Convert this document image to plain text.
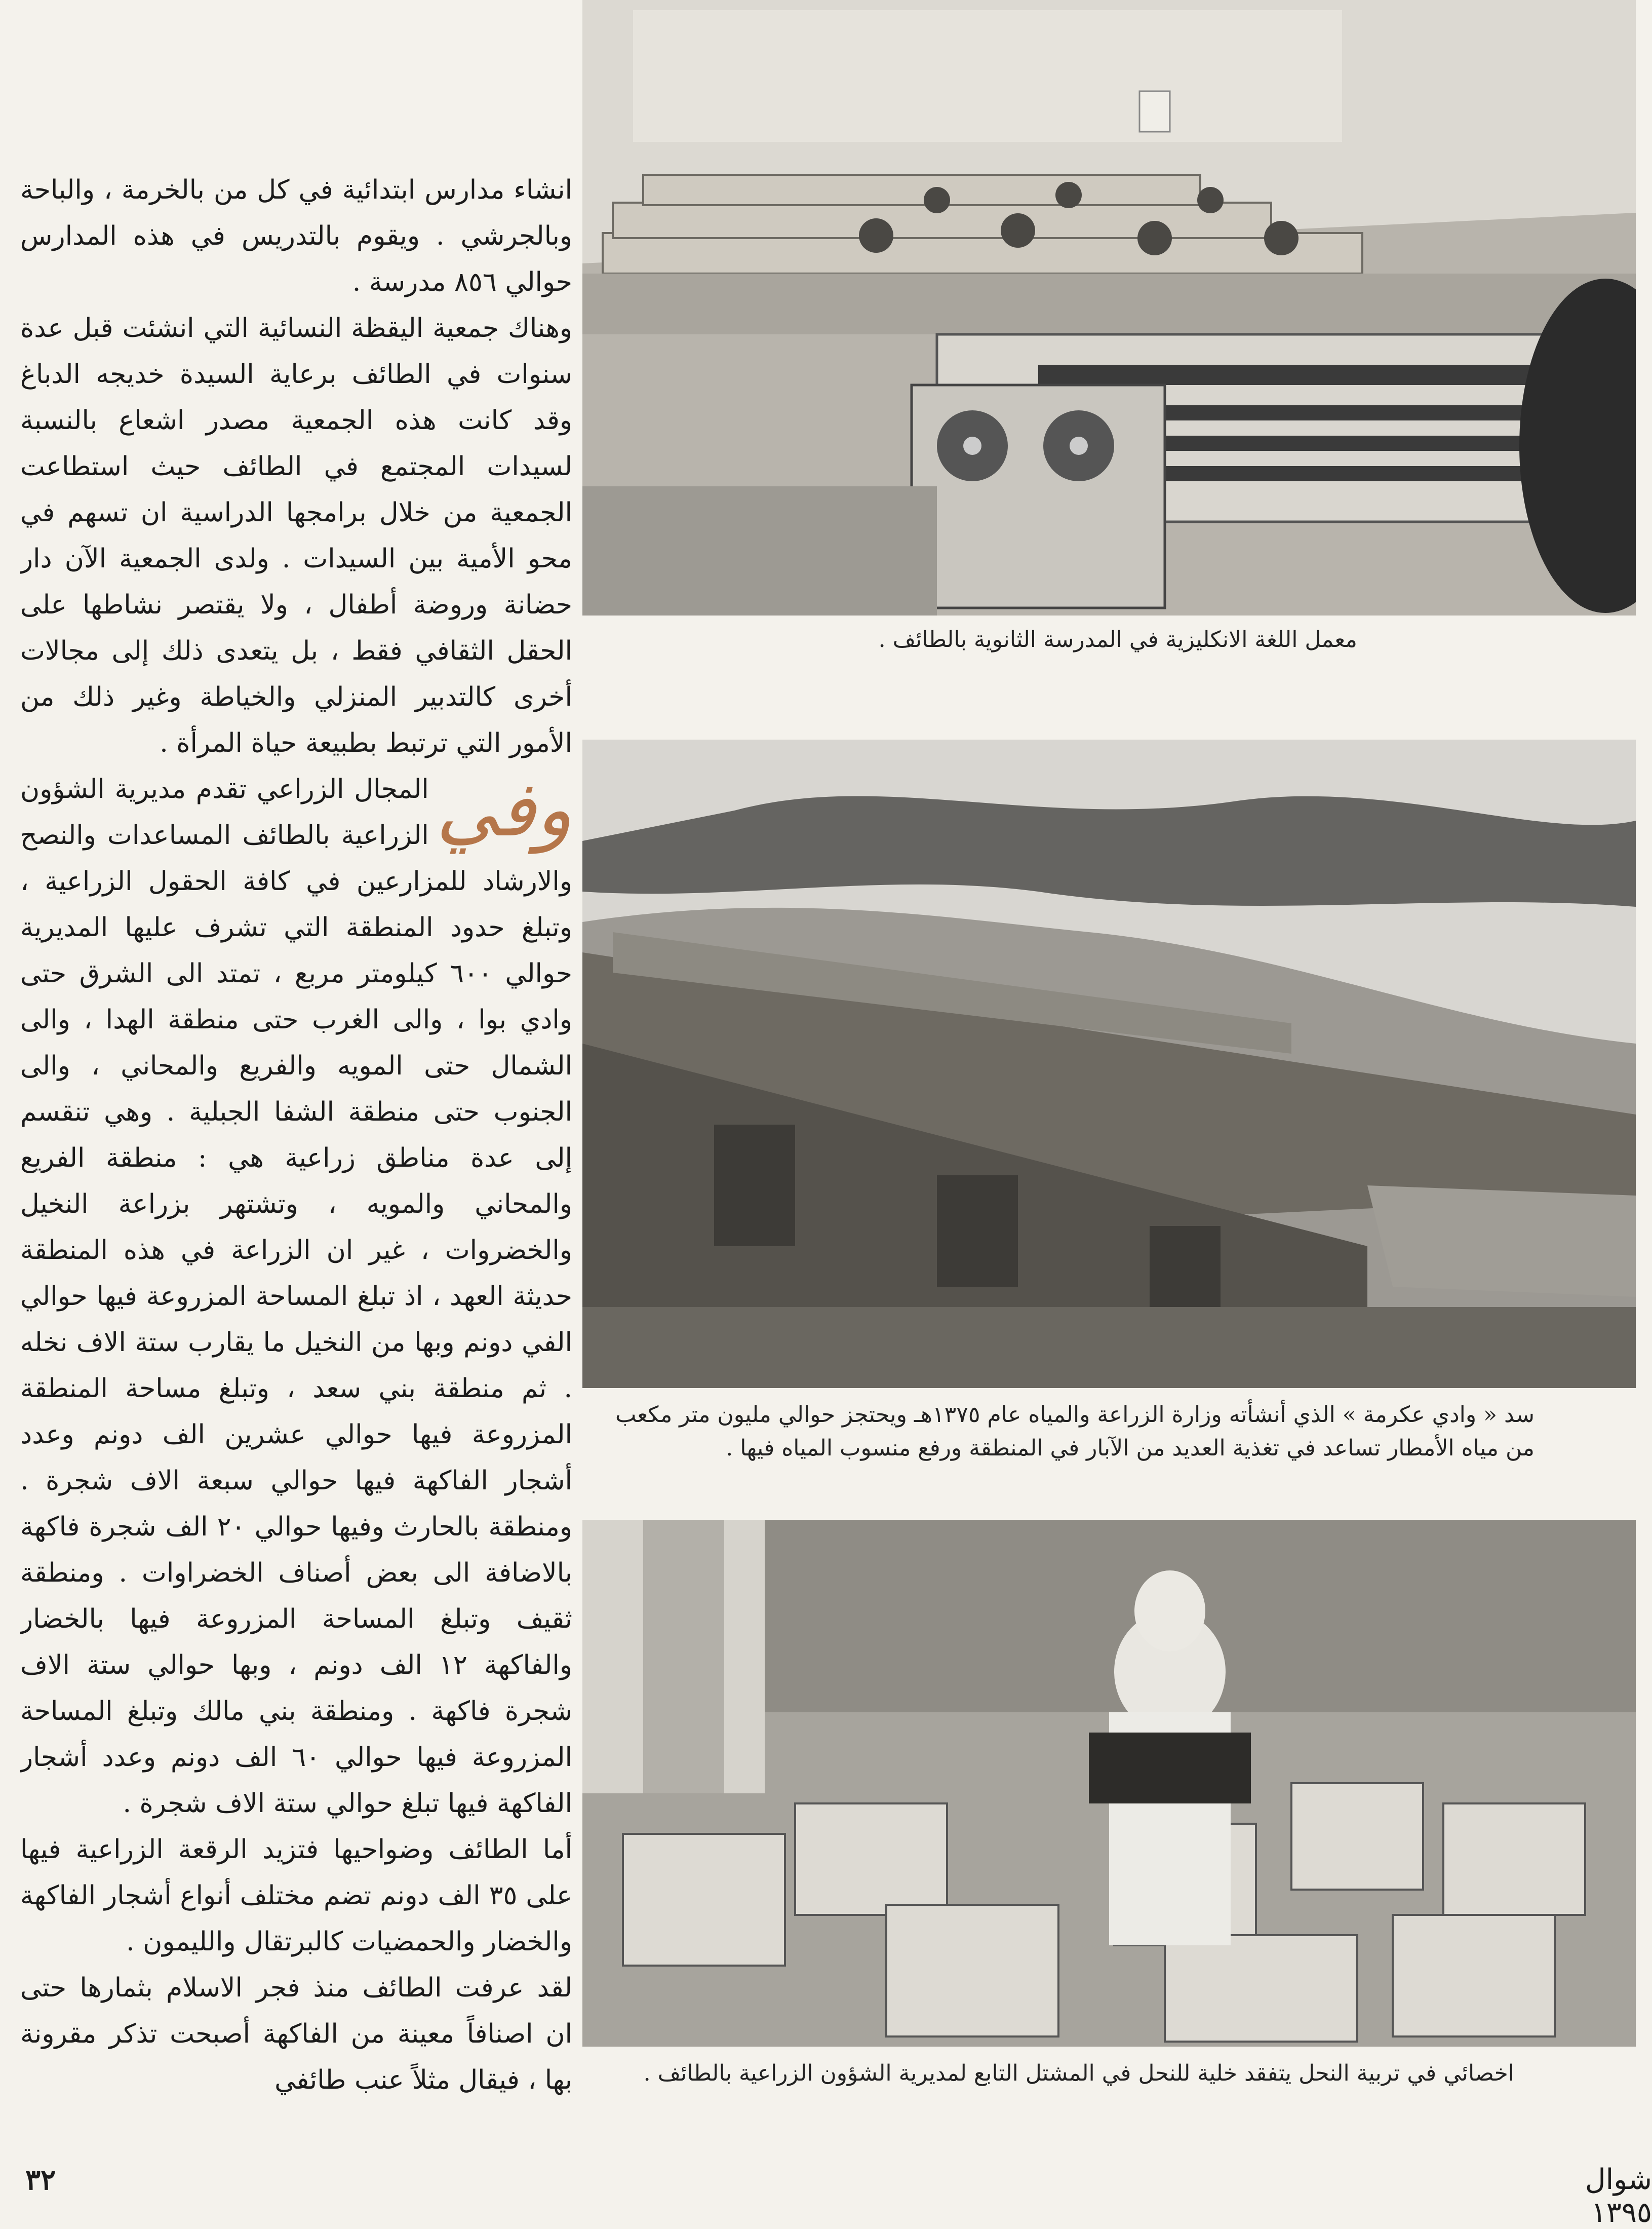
انشاء مدارس ابتدائية في كل من بالخرمة ، والباحة وبالجرشي . ويقوم بالتدريس في هذه المدارس حوالي ٨٥٦ مدرسة .

وهناك جمعية اليقظة النسائية التي انشئت قبل عدة سنوات في الطائف برعاية السيدة خديجه الدباغ وقد كانت هذه الجمعية مصدر اشعاع بالنسبة لسيدات المجتمع في الطائف حيث استطاعت الجمعية من خلال برامجها الدراسية ان تسهم في محو الأمية بين السيدات . ولدى الجمعية الآن دار حضانة وروضة أطفال ، ولا يقتصر نشاطها على الحقل الثقافي فقط ، بل يتعدى ذلك إلى مجالات أخرى كالتدبير المنزلي والخياطة وغير ذلك من الأمور التي ترتبط بطبيعة حياة المرأة .

وفي
المجال الزراعي تقدم مديرية الشؤون الزراعية بالطائف المساعدات والنصح والارشاد للمزارعين في كافة الحقول الزراعية ، وتبلغ حدود المنطقة التي تشرف عليها المديرية حوالي ٦٠٠ كيلومتر مربع ، تمتد الى الشرق حتى وادي بوا ، والى الغرب حتى منطقة الهدا ، والى الشمال حتى المويه والفريع والمحاني ، والى الجنوب حتى منطقة الشفا الجبلية . وهي تنقسم إلى عدة مناطق زراعية هي : منطقة الفريع والمحاني والمويه ، وتشتهر بزراعة النخيل والخضروات ، غير ان الزراعة في هذه المنطقة حديثة العهد ، اذ تبلغ المساحة المزروعة فيها حوالي الفي دونم وبها من النخيل ما يقارب ستة الاف نخله . ثم منطقة بني سعد ، وتبلغ مساحة المنطقة المزروعة فيها حوالي عشرين الف دونم وعدد أشجار الفاكهة فيها حوالي سبعة الاف شجرة . ومنطقة بالحارث وفيها حوالي ٢٠ الف شجرة فاكهة بالاضافة الى بعض أصناف الخضراوات . ومنطقة ثقيف وتبلغ المساحة المزروعة فيها بالخضار والفاكهة ١٢ الف دونم ، وبها حوالي ستة الاف شجرة فاكهة . ومنطقة بني مالك وتبلغ المساحة المزروعة فيها حوالي ٦٠ الف دونم وعدد أشجار الفاكهة فيها تبلغ حوالي ستة الاف شجرة .

أما الطائف وضواحيها فتزيد الرقعة الزراعية فيها على ٣٥ الف دونم تضم مختلف أنواع أشجار الفاكهة والخضار والحمضيات كالبرتقال والليمون .

لقد عرفت الطائف منذ فجر الاسلام بثمارها حتى ان اصنافاً معينة من الفاكهة أصبحت تذكر مقرونة بها ، فيقال مثلاً عنب طائفي

معمل اللغة الانكليزية في المدرسة الثانوية بالطائف .
سد « وادي عكرمة » الذي أنشأته وزارة الزراعة والمياه عام ١٣٧٥هـ ويحتجز حوالي مليون متر مكعب من مياه الأمطار تساعد في تغذية العديد من الآبار في المنطقة ورفع منسوب المياه فيها .
اخصائي في تربية النحل يتفقد خلية للنحل في المشتل التابع لمديرية الشؤون الزراعية بالطائف .
٣٢	شوال ١٣٩٥
